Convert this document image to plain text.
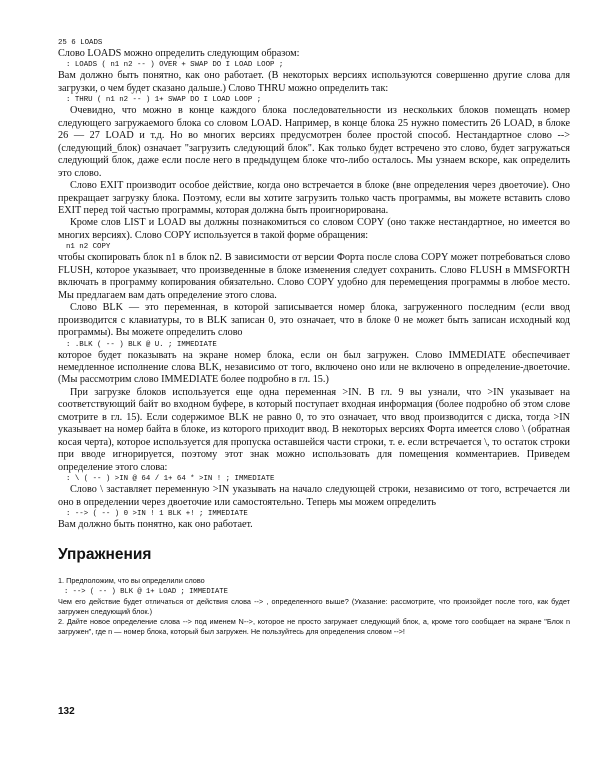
25 6 LOADS

Слово LOADS можно определить следующим образом:

: LOADS ( n1 n2 -- ) OVER + SWAP DO I LOAD LOOP ;

Вам должно быть понятно, как оно работает. (В некоторых версиях используются совершенно другие слова для загрузки, о чем будет сказано дальше.) Слово THRU можно определить так:

: THRU ( n1 n2 -- ) 1+ SWAP DO I LOAD LOOP ;

Очевидно, что можно в конце каждого блока последовательности из нескольких блоков помещать номер следующего загружаемого блока со словом LOAD. Например, в конце блока 25 нужно поместить 26 LOAD, в блоке 26 — 27 LOAD и т.д. Но во многих версиях предусмотрен более простой способ. Нестандартное слово --> (следующий_блок) означает "загрузить следующий блок". Как только будет встречено это слово, будет загружаться следующий блок, даже если после него в предыдущем блоке что-либо осталось. Мы узнаем вскоре, как определить это слово.

Слово EXIT производит особое действие, когда оно встречается в блоке (вне определения через двоеточие). Оно прекращает загрузку блока. Поэтому, если вы хотите загрузить только часть программы, вы можете вставить слово EXIT перед той частью программы, которая должна быть проигнорирована.

Кроме слов LIST и LOAD вы должны познакомиться со словом COPY (оно также нестандартное, но имеется во многих версиях). Слово COPY используется в такой форме обращения:

n1 n2 COPY

чтобы скопировать блок n1 в блок n2. В зависимости от версии Форта после слова COPY может потребоваться слово FLUSH, которое указывает, что произведенные в блоке изменения следует сохранить. Слово FLUSH в MMSFORTH включать в программу копирования обязательно. Слово COPY удобно для перемещения программы в любое место. Мы предлагаем вам дать определение этого слова.

Слово BLK — это переменная, в которой записывается номер блока, загруженного последним (если ввод производится с клавиатуры, то в BLK записан 0, это означает, что в блоке 0 не может быть записан исходный код программы). Вы можете определить слово

: .BLK ( -- ) BLK @ U. ; IMMEDIATE

которое будет показывать на экране номер блока, если он был загружен. Слово IMMEDIATE обеспечивает немедленное исполнение слова BLK, независимо от того, включено оно или не включено в определение-двоеточие. (Мы рассмотрим слово IMMEDIATE более подробно в гл. 15.)

При загрузке блоков используется еще одна переменная >IN. В гл. 9 вы узнали, что >IN указывает на соответствующий байт во входном буфере, в который поступает входная информация (более подробно об этом слове смотрите в гл. 15). Если содержимое BLK не равно 0, то это означает, что ввод производится с диска, тогда >IN указывает на номер байта в блоке, из которого приходит ввод. В некоторых версиях Форта имеется слово \ (обратная косая черта), которое используется для пропуска оставшейся части строки, т. е. если встречается \, то остаток строки при вводе игнорируется, поэтому этот знак можно использовать для помещения комментариев. Приведем определение этого слова:

: \ ( -- ) >IN @ 64 / 1+ 64 * >IN ! ; IMMEDIATE

Слово \ заставляет переменную >IN указывать на начало следующей строки, независимо от того, встречается ли оно в определении через двоеточие или самостоятельно. Теперь мы можем определить

: --> ( -- ) 0 >IN ! 1 BLK +! ; IMMEDIATE

Вам должно быть понятно, как оно работает.

Упражнения

1. Предположим, что вы определили слово

: --> ( -- ) BLK @ 1+ LOAD ; IMMEDIATE

Чем его действие будет отличаться от действия слова --> , определенного выше? (Указание: рассмотрите, что произойдет после того, как будет загружен следующий блок.)

2. Дайте новое определение слова --> под именем N-->, которое не просто загружает следующий блок, а, кроме того сообщает на экране "Блок n загружен", где n — номер блока, который был загружен. Не пользуйтесь для определения словом -->!

132
